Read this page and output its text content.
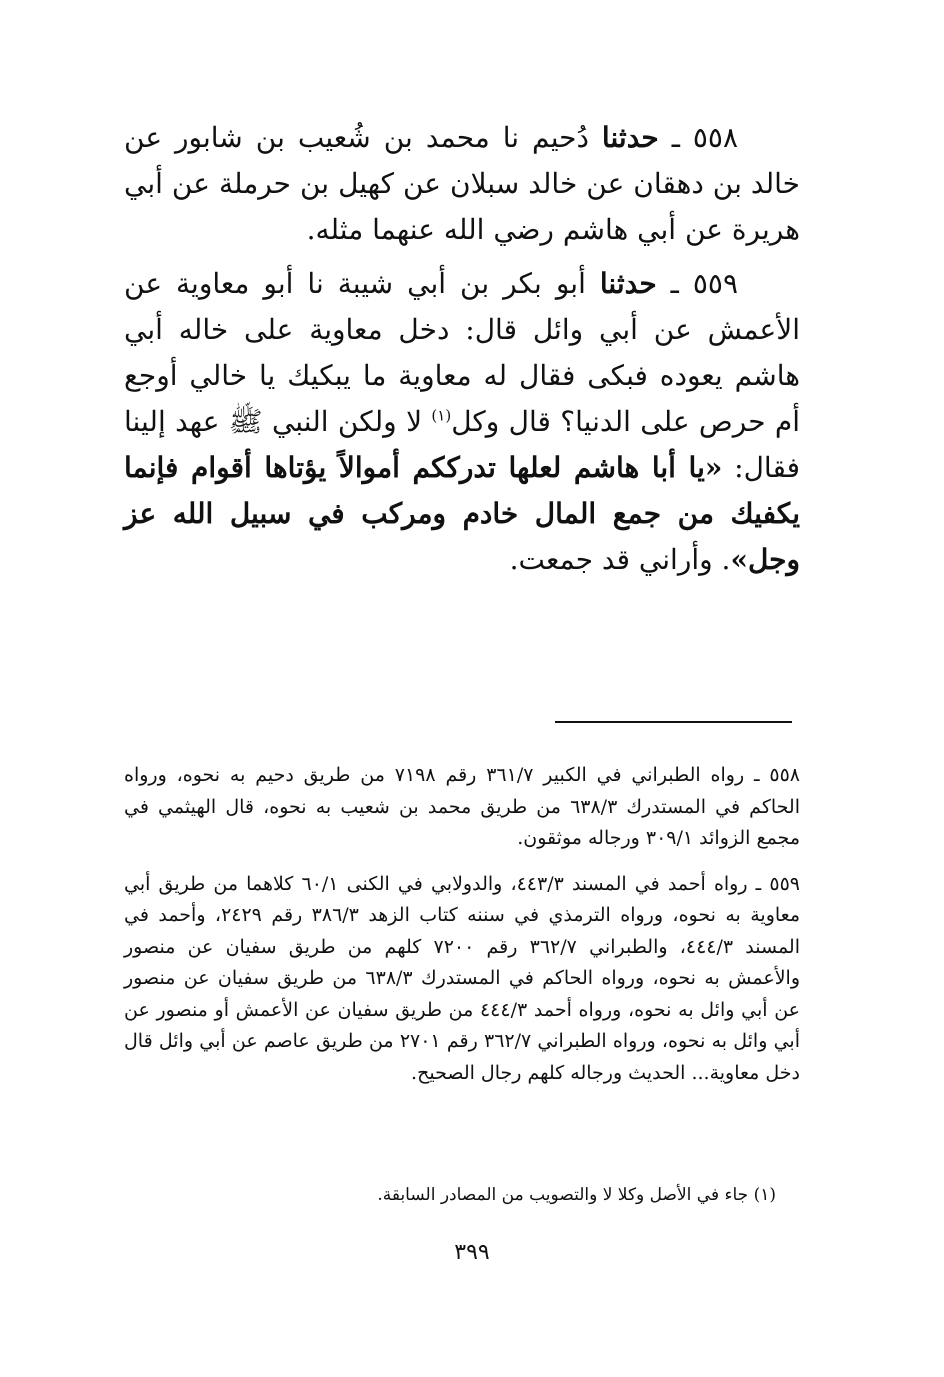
٥٥٨ ـ حدثنا دُحيم نا محمد بن شُعيب بن شابور عن خالد بن دهقان عن خالد سبلان عن كهيل بن حرملة عن أبي هريرة عن أبي هاشم رضي الله عنهما مثله.

٥٥٩ ـ حدثنا أبو بكر بن أبي شيبة نا أبو معاوية عن الأعمش عن أبي وائل قال: دخل معاوية على خاله أبي هاشم يعوده فبكى فقال له معاوية ما يبكيك يا خالي أوجع أم حرص على الدنيا؟ قال وكل$^{(١)}$ لا ولكن النبي ﷺ عهد إلينا فقال: «يا أبا هاشم لعلها تدرككم أموالاً يؤتاها أقوام فإنما يكفيك من جمع المال خادم ومركب في سبيل الله عز وجل». وأراني قد جمعت.

٥٥٨ ـ رواه الطبراني في الكبير ٣٦١/٧ رقم ٧١٩٨ من طريق دحيم به نحوه، ورواه الحاكم في المستدرك ٦٣٨/٣ من طريق محمد بن شعيب به نحوه، قال الهيثمي في مجمع الزوائد ٣٠٩/١ ورجاله موثقون.

٥٥٩ ـ رواه أحمد في المسند ٤٤٣/٣، والدولابي في الكنى ٦٠/١ كلاهما من طريق أبي معاوية به نحوه، ورواه الترمذي في سننه كتاب الزهد ٣٨٦/٣ رقم ٢٤٢٩، وأحمد في المسند ٤٤٤/٣، والطبراني ٣٦٢/٧ رقم ٧٢٠٠ كلهم من طريق سفيان عن منصور والأعمش به نحوه، ورواه الحاكم في المستدرك ٦٣٨/٣ من طريق سفيان عن منصور عن أبي وائل به نحوه، ورواه أحمد ٤٤٤/٣ من طريق سفيان عن الأعمش أو منصور عن أبي وائل به نحوه، ورواه الطبراني ٣٦٢/٧ رقم ٢٧٠١ من طريق عاصم عن أبي وائل قال دخل معاوية... الحديث ورجاله كلهم رجال الصحيح.

(١) جاء في الأصل وكلا لا والتصويب من المصادر السابقة.
٣٩٩
